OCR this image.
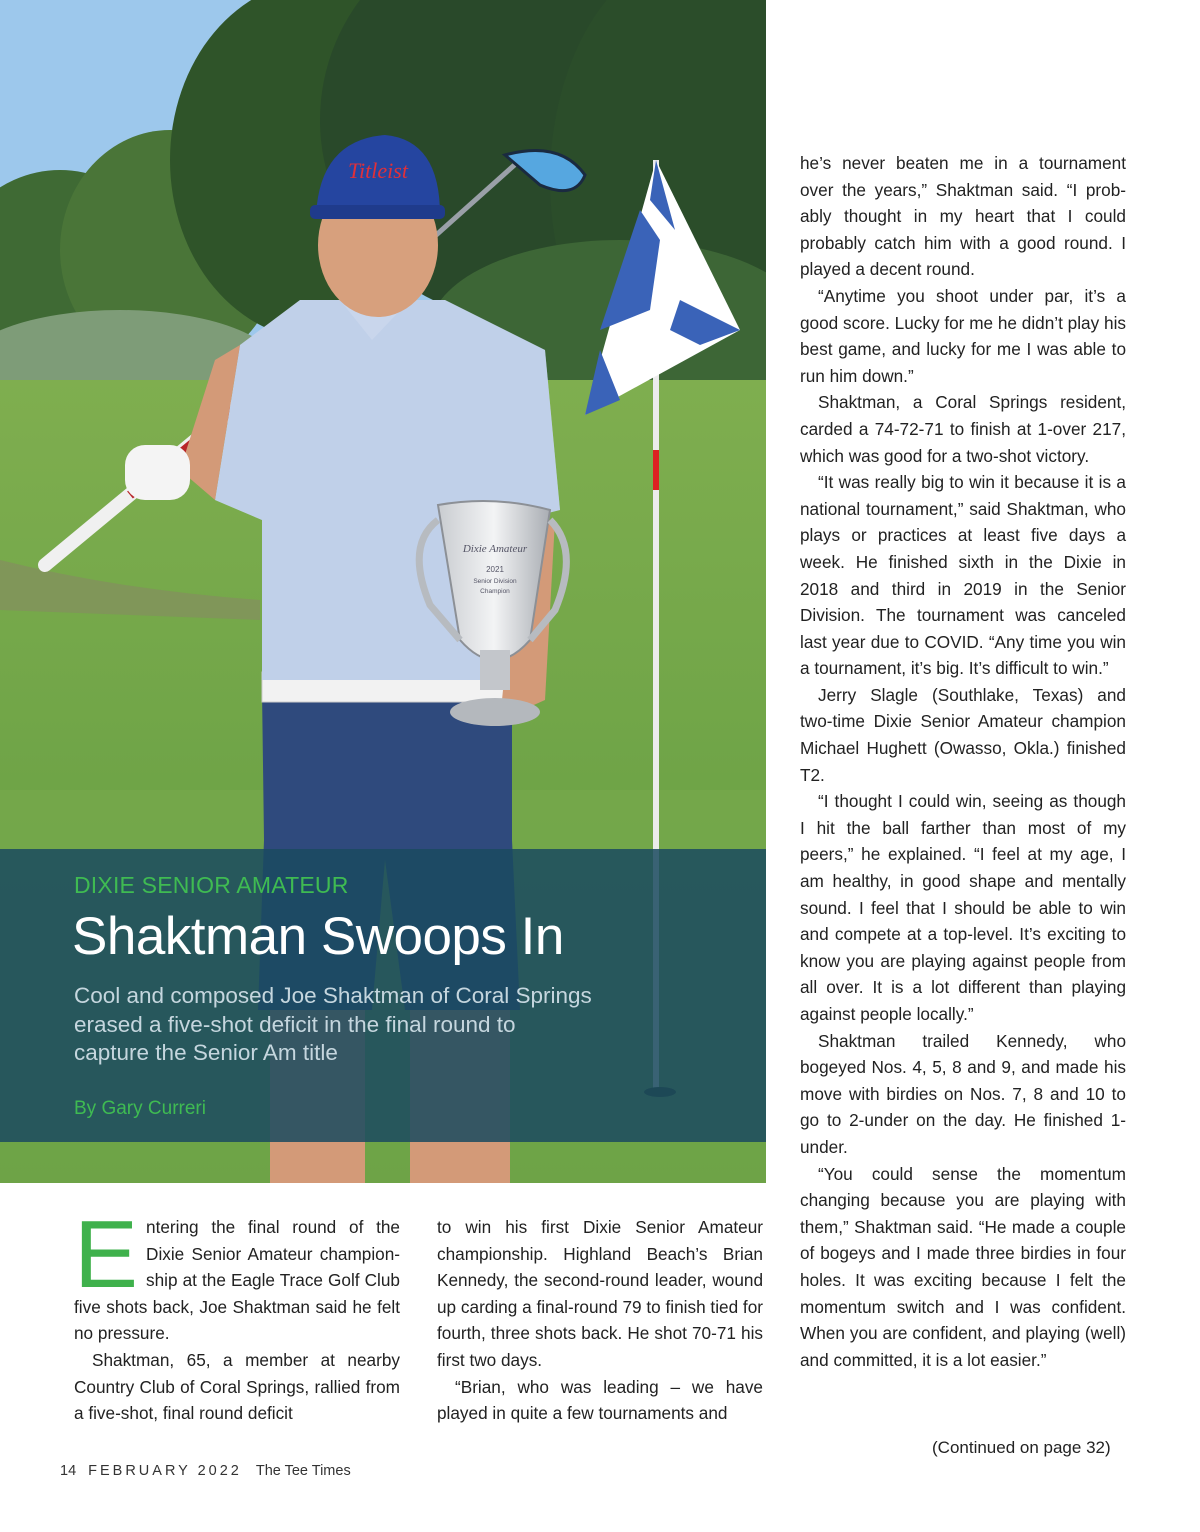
Titleist
Dixie Amateur
2021
Senior Division
Champion

DIXIE SENIOR AMATEUR

Shaktman Swoops In

Cool and composed Joe Shaktman of Coral Springs erased a five-shot deficit in the final round to capture the Senior Am title

By Gary Curreri

Entering the final round of the Dixie Senior Amateur championship at the Eagle Trace Golf Club five shots back, Joe Shaktman said he felt no pressure.

Shaktman, 65, a member at nearby Country Club of Coral Springs, rallied from a five-shot, final round deficit

to win his first Dixie Senior Amateur championship. Highland Beach’s Brian Kennedy, the second-round leader, wound up carding a final-round 79 to finish tied for fourth, three shots back. He shot 70-71 his first two days.

“Brian, who was leading – we have played in quite a few tournaments and

he’s never beaten me in a tournament over the years,” Shaktman said. “I probably thought in my heart that I could probably catch him with a good round. I played a decent round.

“Anytime you shoot under par, it’s a good score. Lucky for me he didn’t play his best game, and lucky for me I was able to run him down.”

Shaktman, a Coral Springs resident, carded a 74-72-71 to finish at 1-over 217, which was good for a two-shot victory.

“It was really big to win it because it is a national tournament,” said Shaktman, who plays or practices at least five days a week. He finished sixth in the Dixie in 2018 and third in 2019 in the Senior Division. The tournament was canceled last year due to COVID. “Any time you win a tournament, it’s big. It’s difficult to win.”

Jerry Slagle (Southlake, Texas) and two-time Dixie Senior Amateur champion Michael Hughett (Owasso, Okla.) finished T2.

“I thought I could win, seeing as though I hit the ball farther than most of my peers,” he explained. “I feel at my age, I am healthy, in good shape and mentally sound. I feel that I should be able to win and compete at a top-level. It’s exciting to know you are playing against people from all over. It is a lot different than playing against people locally.”

Shaktman trailed Kennedy, who bogeyed Nos. 4, 5, 8 and 9, and made his move with birdies on Nos. 7, 8 and 10 to go to 2-under on the day. He finished 1-under.

“You could sense the momentum changing because you are playing with them,” Shaktman said. “He made a couple of bogeys and I made three birdies in four holes. It was exciting because I felt the momentum switch and I was confident. When you are confident, and playing (well) and committed, it is a lot easier.”

(Continued on page 32)

14 FEBRUARY 2022 The Tee Times
